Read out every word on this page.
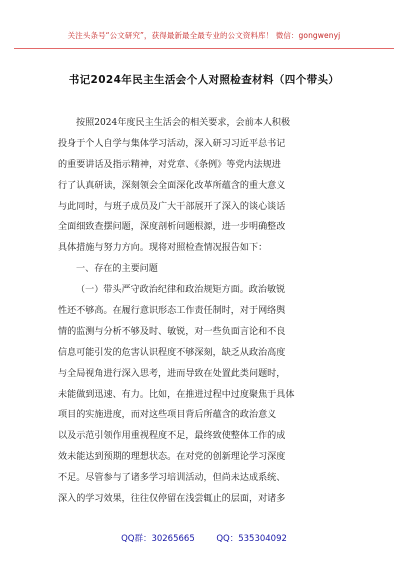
关注头条号“公文研究”，获得最新最全最专业的公文资料库！ 微信：gongwenyj
书记2024年民主生活会个人对照检查材料（四个带头）
按照2024年度民主生活会的相关要求，会前本人积极
投身于个人自学与集体学习活动，深入研习习近平总书记
的重要讲话及指示精神，对党章、《条例》等党内法规进
行了认真研读，深刻领会全面深化改革所蕴含的重大意义
与此同时，与班子成员及广大干部展开了深入的谈心谈话
全面细致查摆问题，深度剖析问题根源，进一步明确整改
具体措施与努力方向。现将对照检查情况报告如下：
一、存在的主要问题
（一）带头严守政治纪律和政治规矩方面。政治敏锐
性还不够高。在履行意识形态工作责任制时，对于网络舆
情的监测与分析不够及时、敏锐，对一些负面言论和不良
信息可能引发的危害认识程度不够深刻，缺乏从政治高度
与全局视角进行深入思考，进而导致在处置此类问题时，
未能做到迅速、有力。比如，在推进过程中过度聚焦于具体
项目的实施进度，而对这些项目背后所蕴含的政治意义
以及示范引领作用重视程度不足，最终致使整体工作的成
效未能达到预期的理想状态。在对党的创新理论学习深度
不足。尽管参与了诸多学习培训活动，但尚未达成系统、
深入的学习效果，往往仅停留在浅尝辄止的层面，对诸多
QQ群：30265665        QQ：535304092
